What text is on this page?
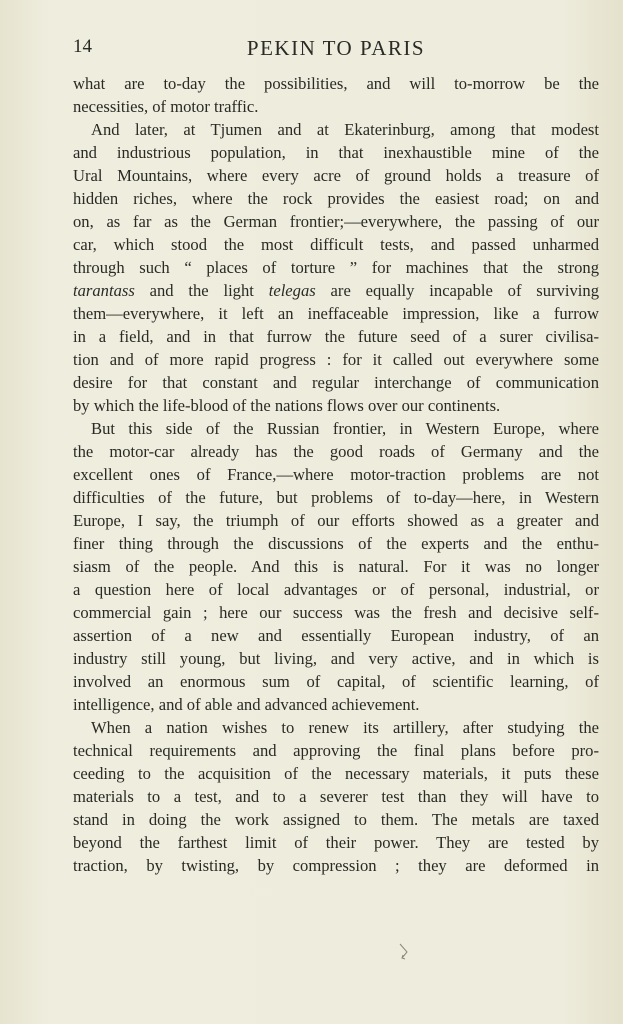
PEKIN TO PARIS
14
what are to-day the possibilities, and will to-morrow be the
necessities, of motor traffic.
And later, at Tjumen and at Ekaterinburg, among that modest
and industrious population, in that inexhaustible mine of the
Ural Mountains, where every acre of ground holds a treasure of
hidden riches, where the rock provides the easiest road; on and
on, as far as the German frontier;—everywhere, the passing of our
car, which stood the most difficult tests, and passed unharmed
through such “ places of torture ” for machines that the strong
tarantass and the light telegas are equally incapable of surviving
them—everywhere, it left an ineffaceable impression, like a furrow
in a field, and in that furrow the future seed of a surer civilisa-
tion and of more rapid progress : for it called out everywhere some
desire for that constant and regular interchange of communication
by which the life-blood of the nations flows over our continents.
But this side of the Russian frontier, in Western Europe, where
the motor-car already has the good roads of Germany and the
excellent ones of France,—where motor-traction problems are not
difficulties of the future, but problems of to-day—here, in Western
Europe, I say, the triumph of our efforts showed as a greater and
finer thing through the discussions of the experts and the enthu-
siasm of the people. And this is natural. For it was no longer
a question here of local advantages or of personal, industrial, or
commercial gain ; here our success was the fresh and decisive self-
assertion of a new and essentially European industry, of an
industry still young, but living, and very active, and in which is
involved an enormous sum of capital, of scientific learning, of
intelligence, and of able and advanced achievement.
When a nation wishes to renew its artillery, after studying the
technical requirements and approving the final plans before pro-
ceeding to the acquisition of the necessary materials, it puts these
materials to a test, and to a severer test than they will have to
stand in doing the work assigned to them. The metals are taxed
beyond the farthest limit of their power. They are tested by
traction, by twisting, by compression ; they are deformed in
